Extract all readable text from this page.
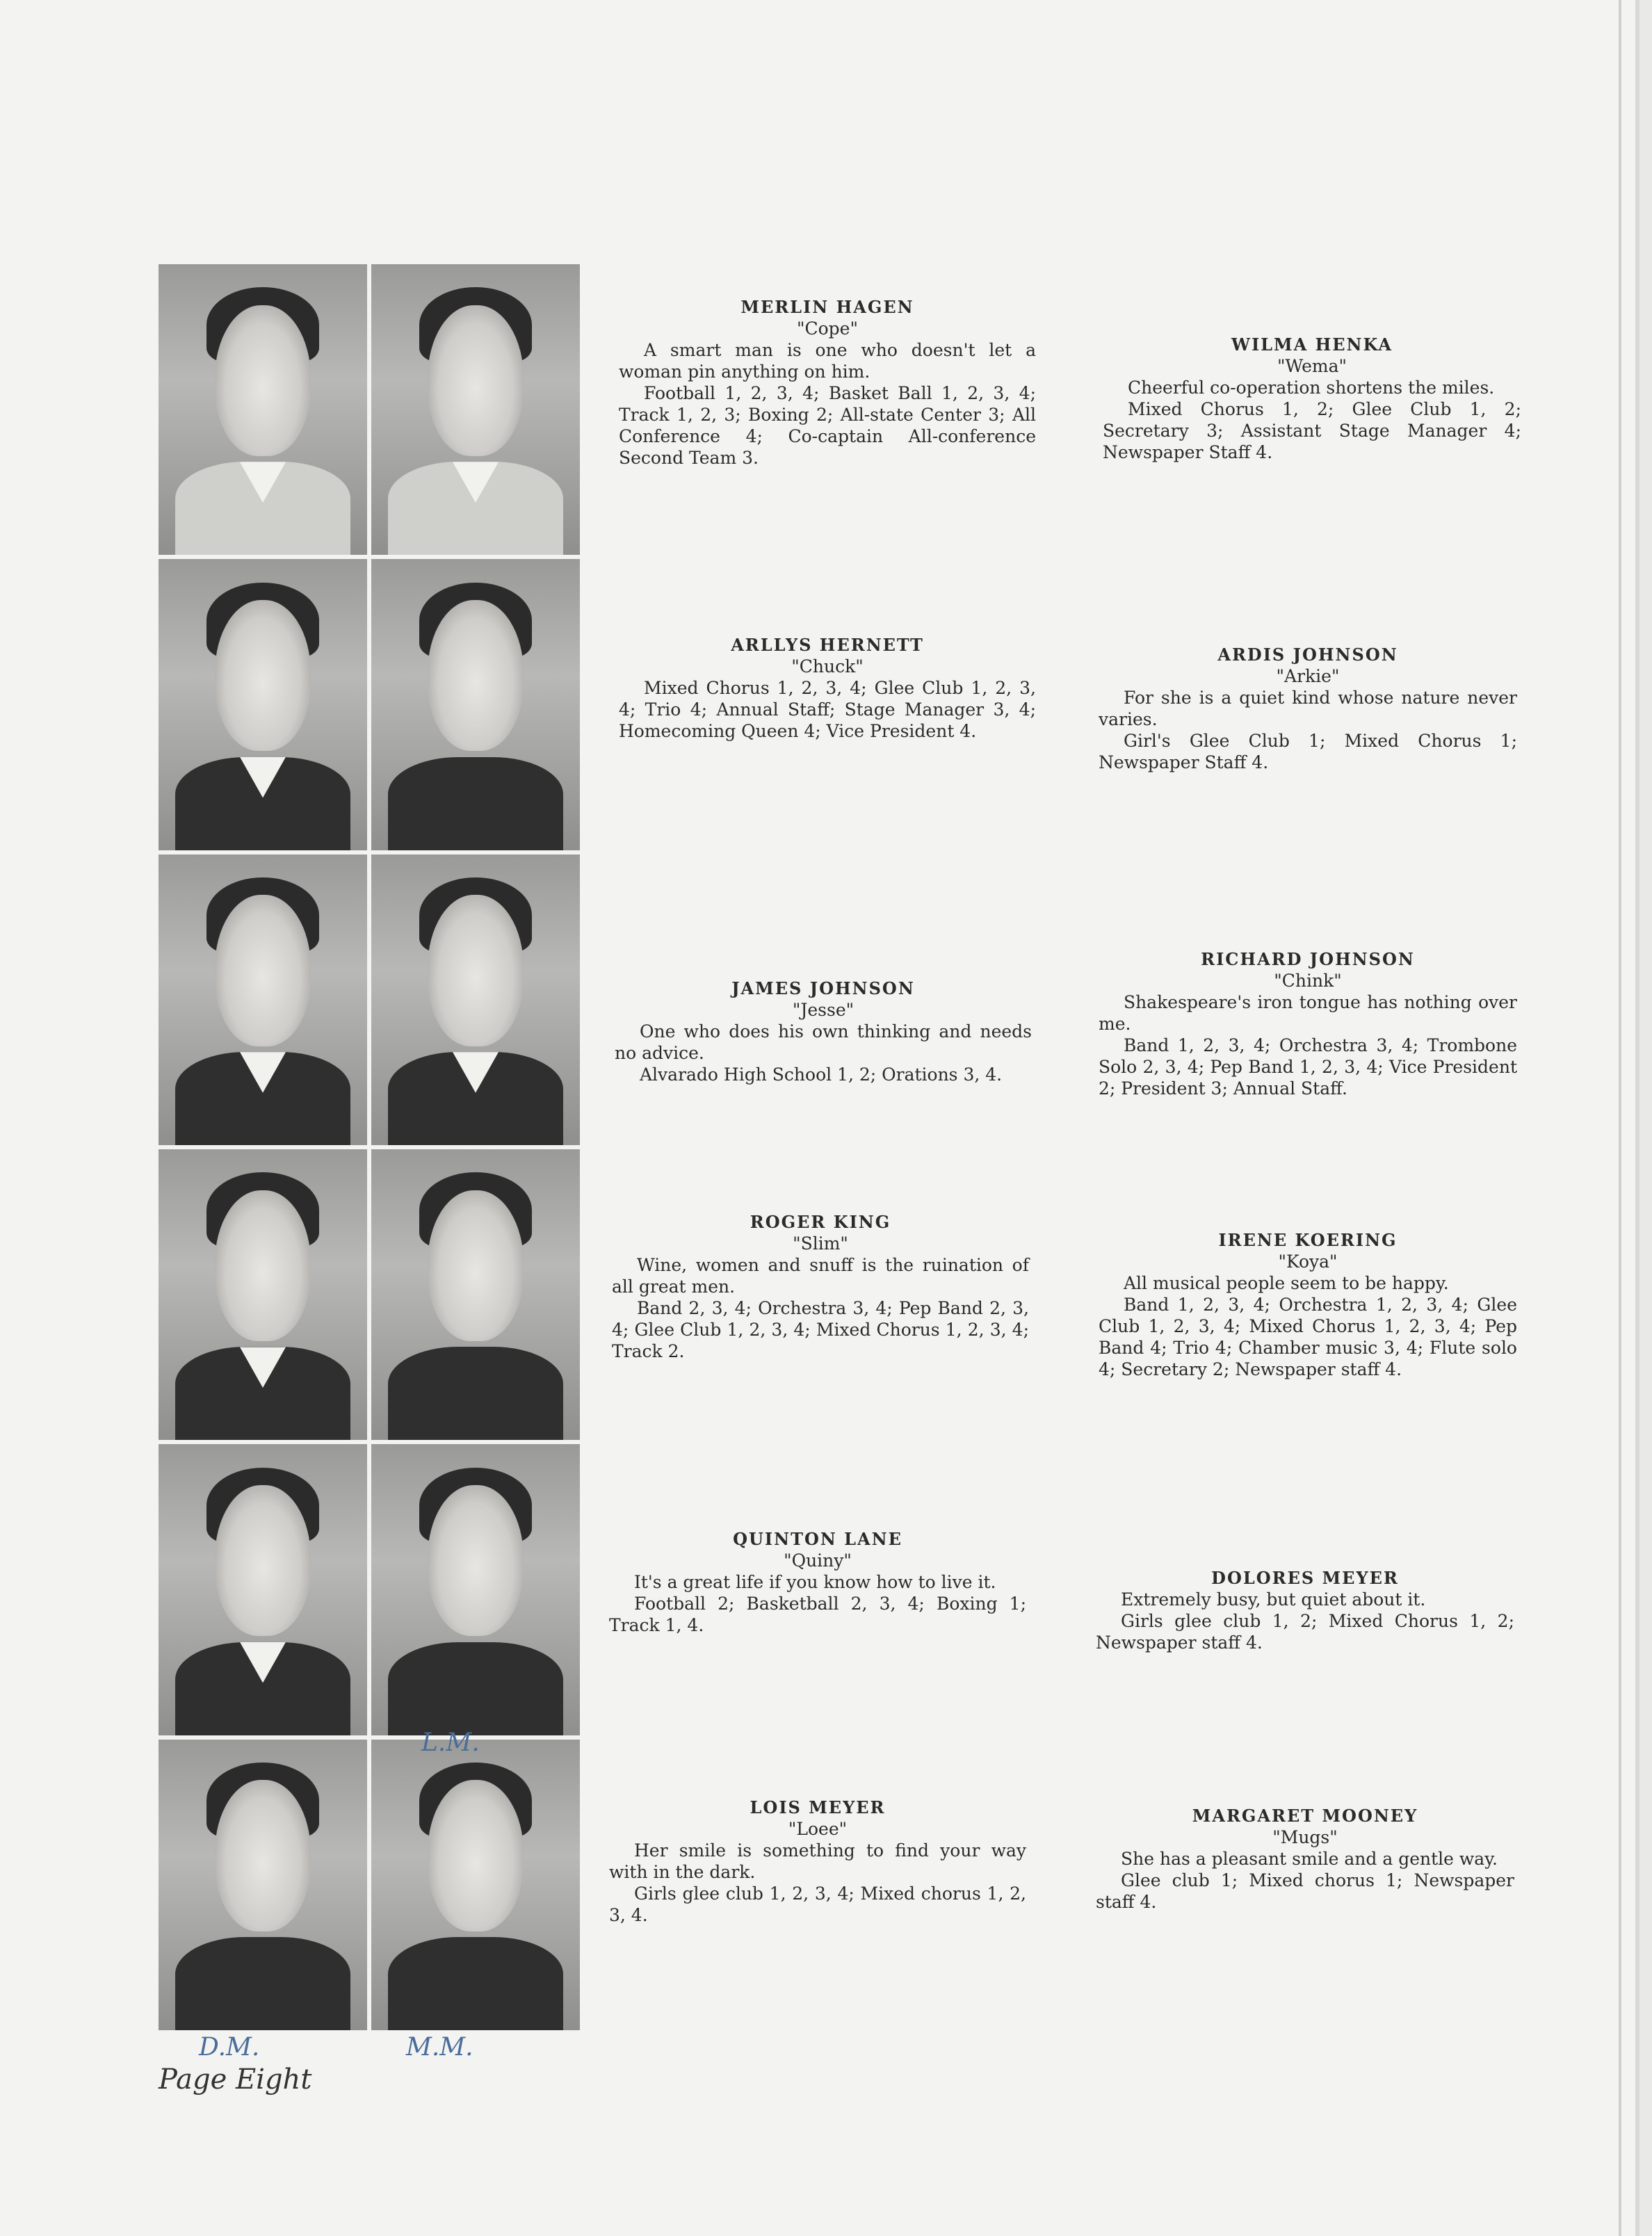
MERLIN HAGEN
"Cope"
A smart man is one who doesn't let a woman pin anything on him.
Football 1, 2, 3, 4; Basket Ball 1, 2, 3, 4; Track 1, 2, 3; Boxing 2; All-state Center 3; All Conference 4; Co-captain All-conference Second Team 3.
ARLLYS HERNETT
"Chuck"
Mixed Chorus 1, 2, 3, 4; Glee Club 1, 2, 3, 4; Trio 4; Annual Staff; Stage Manager 3, 4; Homecoming Queen 4; Vice President 4.
JAMES JOHNSON
"Jesse"
One who does his own thinking and needs no advice.
Alvarado High School 1, 2; Orations 3, 4.
ROGER KING
"Slim"
Wine, women and snuff is the ruination of all great men.
Band 2, 3, 4; Orchestra 3, 4; Pep Band 2, 3, 4; Glee Club 1, 2, 3, 4; Mixed Chorus 1, 2, 3, 4; Track 2.
QUINTON LANE
"Quiny"
It's a great life if you know how to live it.
Football 2; Basketball 2, 3, 4; Boxing 1; Track 1, 4.
LOIS MEYER
"Loee"
Her smile is something to find your way with in the dark.
Girls glee club 1, 2, 3, 4; Mixed chorus 1, 2, 3, 4.
WILMA HENKA
"Wema"
Cheerful co-operation shortens the miles.
Mixed Chorus 1, 2; Glee Club 1, 2; Secretary 3; Assistant Stage Manager 4; Newspaper Staff 4.
ARDIS JOHNSON
"Arkie"
For she is a quiet kind whose nature never varies.
Girl's Glee Club 1; Mixed Chorus 1; Newspaper Staff 4.
RICHARD JOHNSON
"Chink"
Shakespeare's iron tongue has nothing over me.
Band 1, 2, 3, 4; Orchestra 3, 4; Trombone Solo 2, 3, 4; Pep Band 1, 2, 3, 4; Vice President 2; President 3; Annual Staff.
IRENE KOERING
"Koya"
All musical people seem to be happy.
Band 1, 2, 3, 4; Orchestra 1, 2, 3, 4; Glee Club 1, 2, 3, 4; Mixed Chorus 1, 2, 3, 4; Pep Band 4; Trio 4; Chamber music 3, 4; Flute solo 4; Secretary 2; Newspaper staff 4.
DOLORES MEYER
Extremely busy, but quiet about it.
Girls glee club 1, 2; Mixed Chorus 1, 2; Newspaper staff 4.
MARGARET MOONEY
"Mugs"
She has a pleasant smile and a gentle way.
Glee club 1; Mixed chorus 1; Newspaper staff 4.
L.M.
D.M.	M.M.
Page Eight
